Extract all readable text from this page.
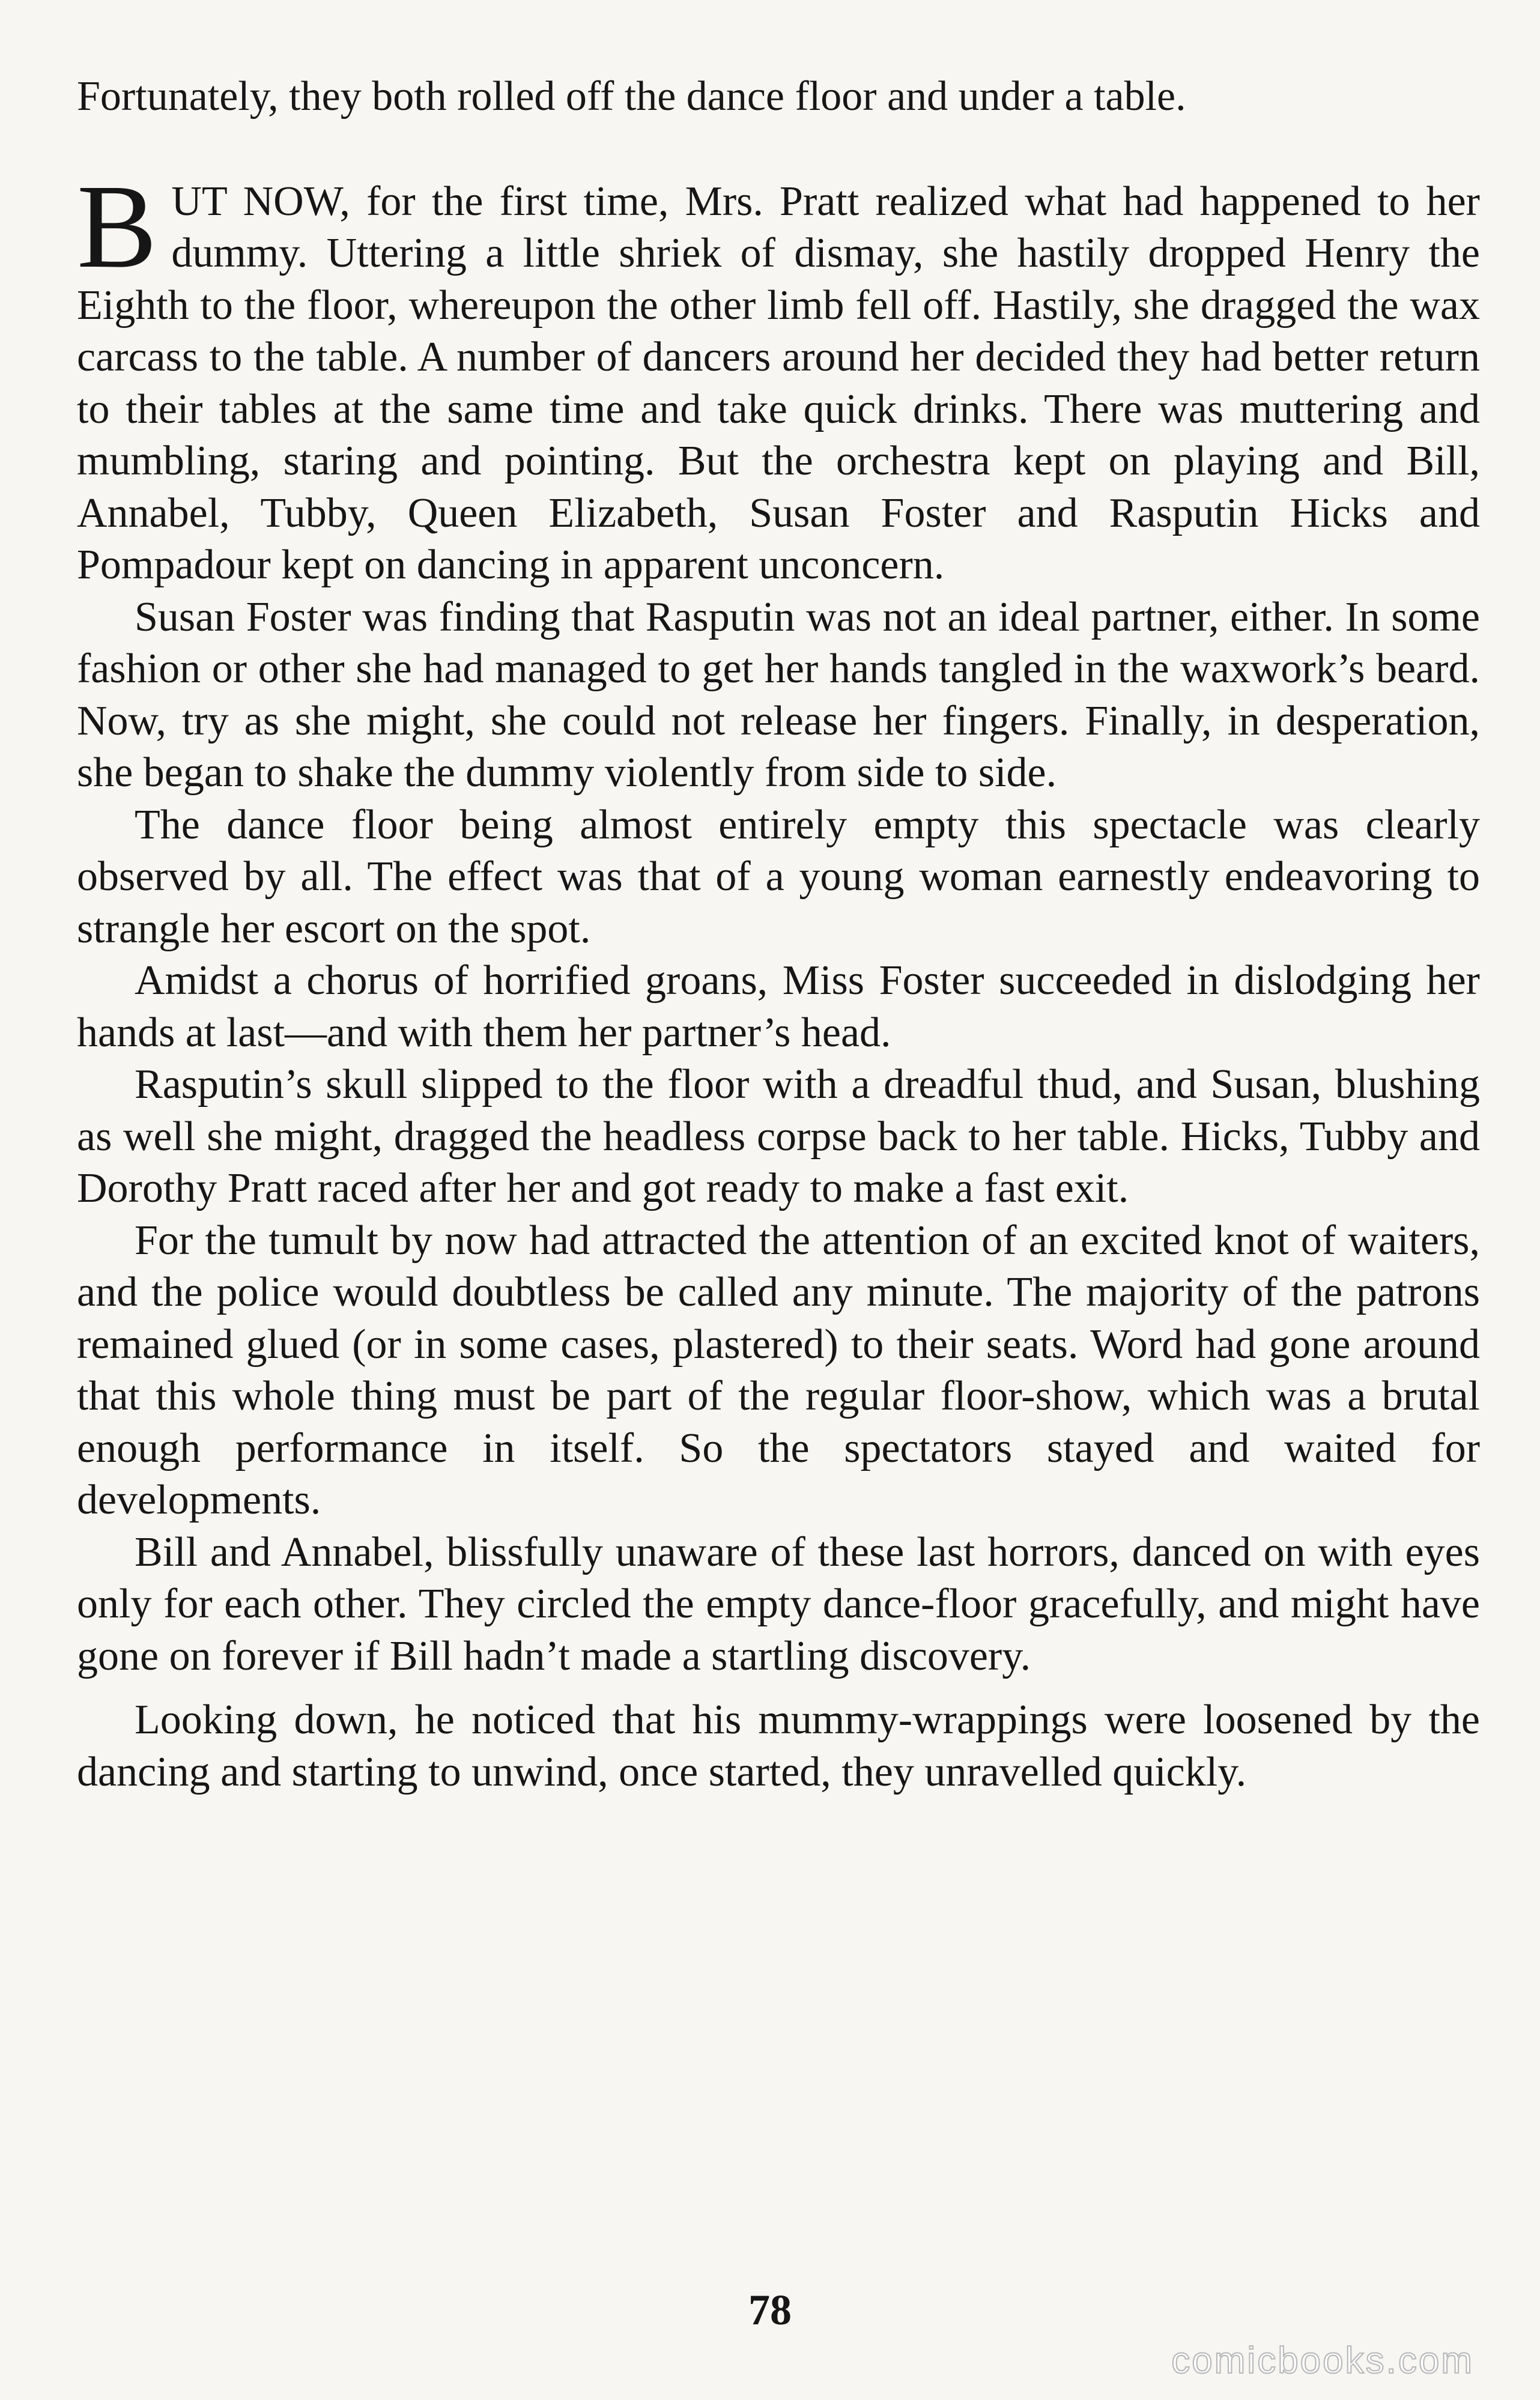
Fortunately, they both rolled off the dance floor and under a table.

BUT NOW, for the first time, Mrs. Pratt realized what had happened to her dummy. Uttering a little shriek of dismay, she hastily dropped Henry the Eighth to the floor, whereupon the other limb fell off. Hastily, she dragged the wax carcass to the table. A number of dancers around her decided they had better return to their tables at the same time and take quick drinks. There was muttering and mumbling, staring and pointing. But the orchestra kept on playing and Bill, Annabel, Tubby, Queen Elizabeth, Susan Foster and Rasputin Hicks and Pompadour kept on dancing in apparent unconcern.

Susan Foster was finding that Rasputin was not an ideal partner, either. In some fashion or other she had managed to get her hands tangled in the waxwork’s beard. Now, try as she might, she could not release her fingers. Finally, in desperation, she began to shake the dummy violently from side to side.

The dance floor being almost entirely empty this spectacle was clearly observed by all. The effect was that of a young woman earnestly endeavoring to strangle her escort on the spot.

Amidst a chorus of horrified groans, Miss Foster succeeded in dislodging her hands at last—and with them her partner’s head.

Rasputin’s skull slipped to the floor with a dreadful thud, and Susan, blushing as well she might, dragged the headless corpse back to her table. Hicks, Tubby and Dorothy Pratt raced after her and got ready to make a fast exit.

For the tumult by now had attracted the attention of an excited knot of waiters, and the police would doubtless be called any minute. The majority of the patrons remained glued (or in some cases, plastered) to their seats. Word had gone around that this whole thing must be part of the regular floor-show, which was a brutal enough performance in itself. So the spectators stayed and waited for developments.

Bill and Annabel, blissfully unaware of these last horrors, danced on with eyes only for each other. They circled the empty dance-floor gracefully, and might have gone on forever if Bill hadn’t made a startling discovery.

Looking down, he noticed that his mummy-wrappings were loosened by the dancing and starting to unwind, once started, they unravelled quickly.

78
comicbooks.com
